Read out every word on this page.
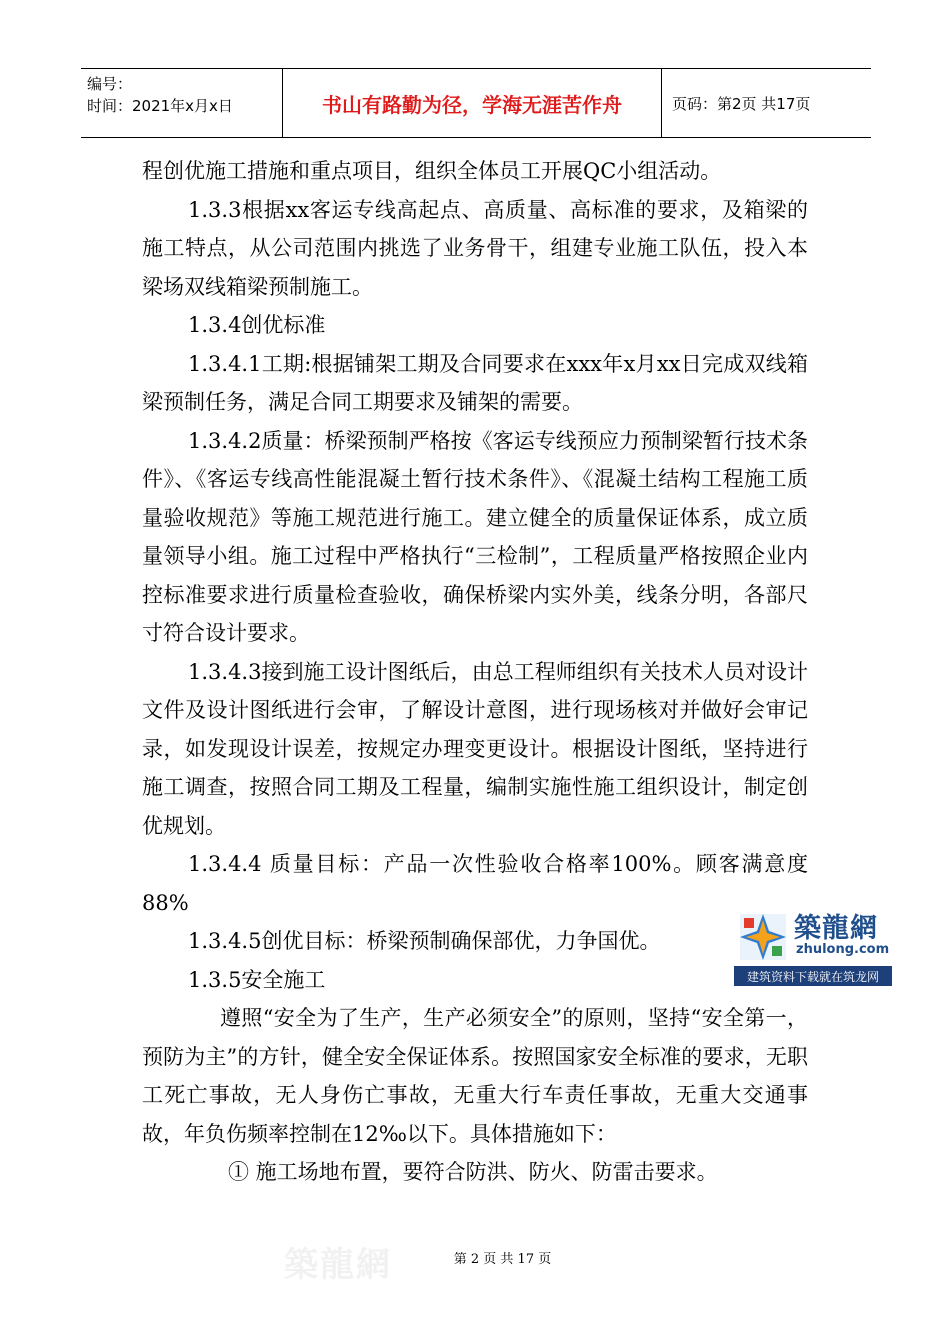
编号：
时间：2021年x月x日	书山有路勤为径，学海无涯苦作舟	页码：第2页 共17页

程创优施工措施和重点项目，组织全体员工开展QC小组活动。

1.3.3根据xx客运专线高起点、高质量、高标准的要求，及箱梁的施工特点，从公司范围内挑选了业务骨干，组建专业施工队伍，投入本梁场双线箱梁预制施工。

1.3.4创优标准

1.3.4.1工期:根据铺架工期及合同要求在xxx年x月xx日完成双线箱梁预制任务，满足合同工期要求及铺架的需要。

1.3.4.2质量：桥梁预制严格按《客运专线预应力预制梁暂行技术条件》、《客运专线高性能混凝土暂行技术条件》、《混凝土结构工程施工质量验收规范》等施工规范进行施工。建立健全的质量保证体系，成立质量领导小组。施工过程中严格执行“三检制”，工程质量严格按照企业内控标准要求进行质量检查验收，确保桥梁内实外美，线条分明，各部尺寸符合设计要求。

1.3.4.3接到施工设计图纸后，由总工程师组织有关技术人员对设计文件及设计图纸进行会审，了解设计意图，进行现场核对并做好会审记录，如发现设计误差，按规定办理变更设计。根据设计图纸，坚持进行施工调查，按照合同工期及工程量，编制实施性施工组织设计，制定创优规划。

1.3.4.4 质量目标：产品一次性验收合格率100%。顾客满意度88%

1.3.4.5创优目标：桥梁预制确保部优，力争国优。

1.3.5安全施工

遵照“安全为了生产，生产必须安全”的原则，坚持“安全第一，预防为主”的方针，健全安全保证体系。按照国家安全标准的要求，无职工死亡事故，无人身伤亡事故，无重大行车责任事故，无重大交通事故，年负伤频率控制在12‰以下。具体措施如下：

① 施工场地布置，要符合防洪、防火、防雷击要求。

築龍網
zhulong.com
建筑资料下载就在筑龙网
築龍網	第 2 页 共 17 页
